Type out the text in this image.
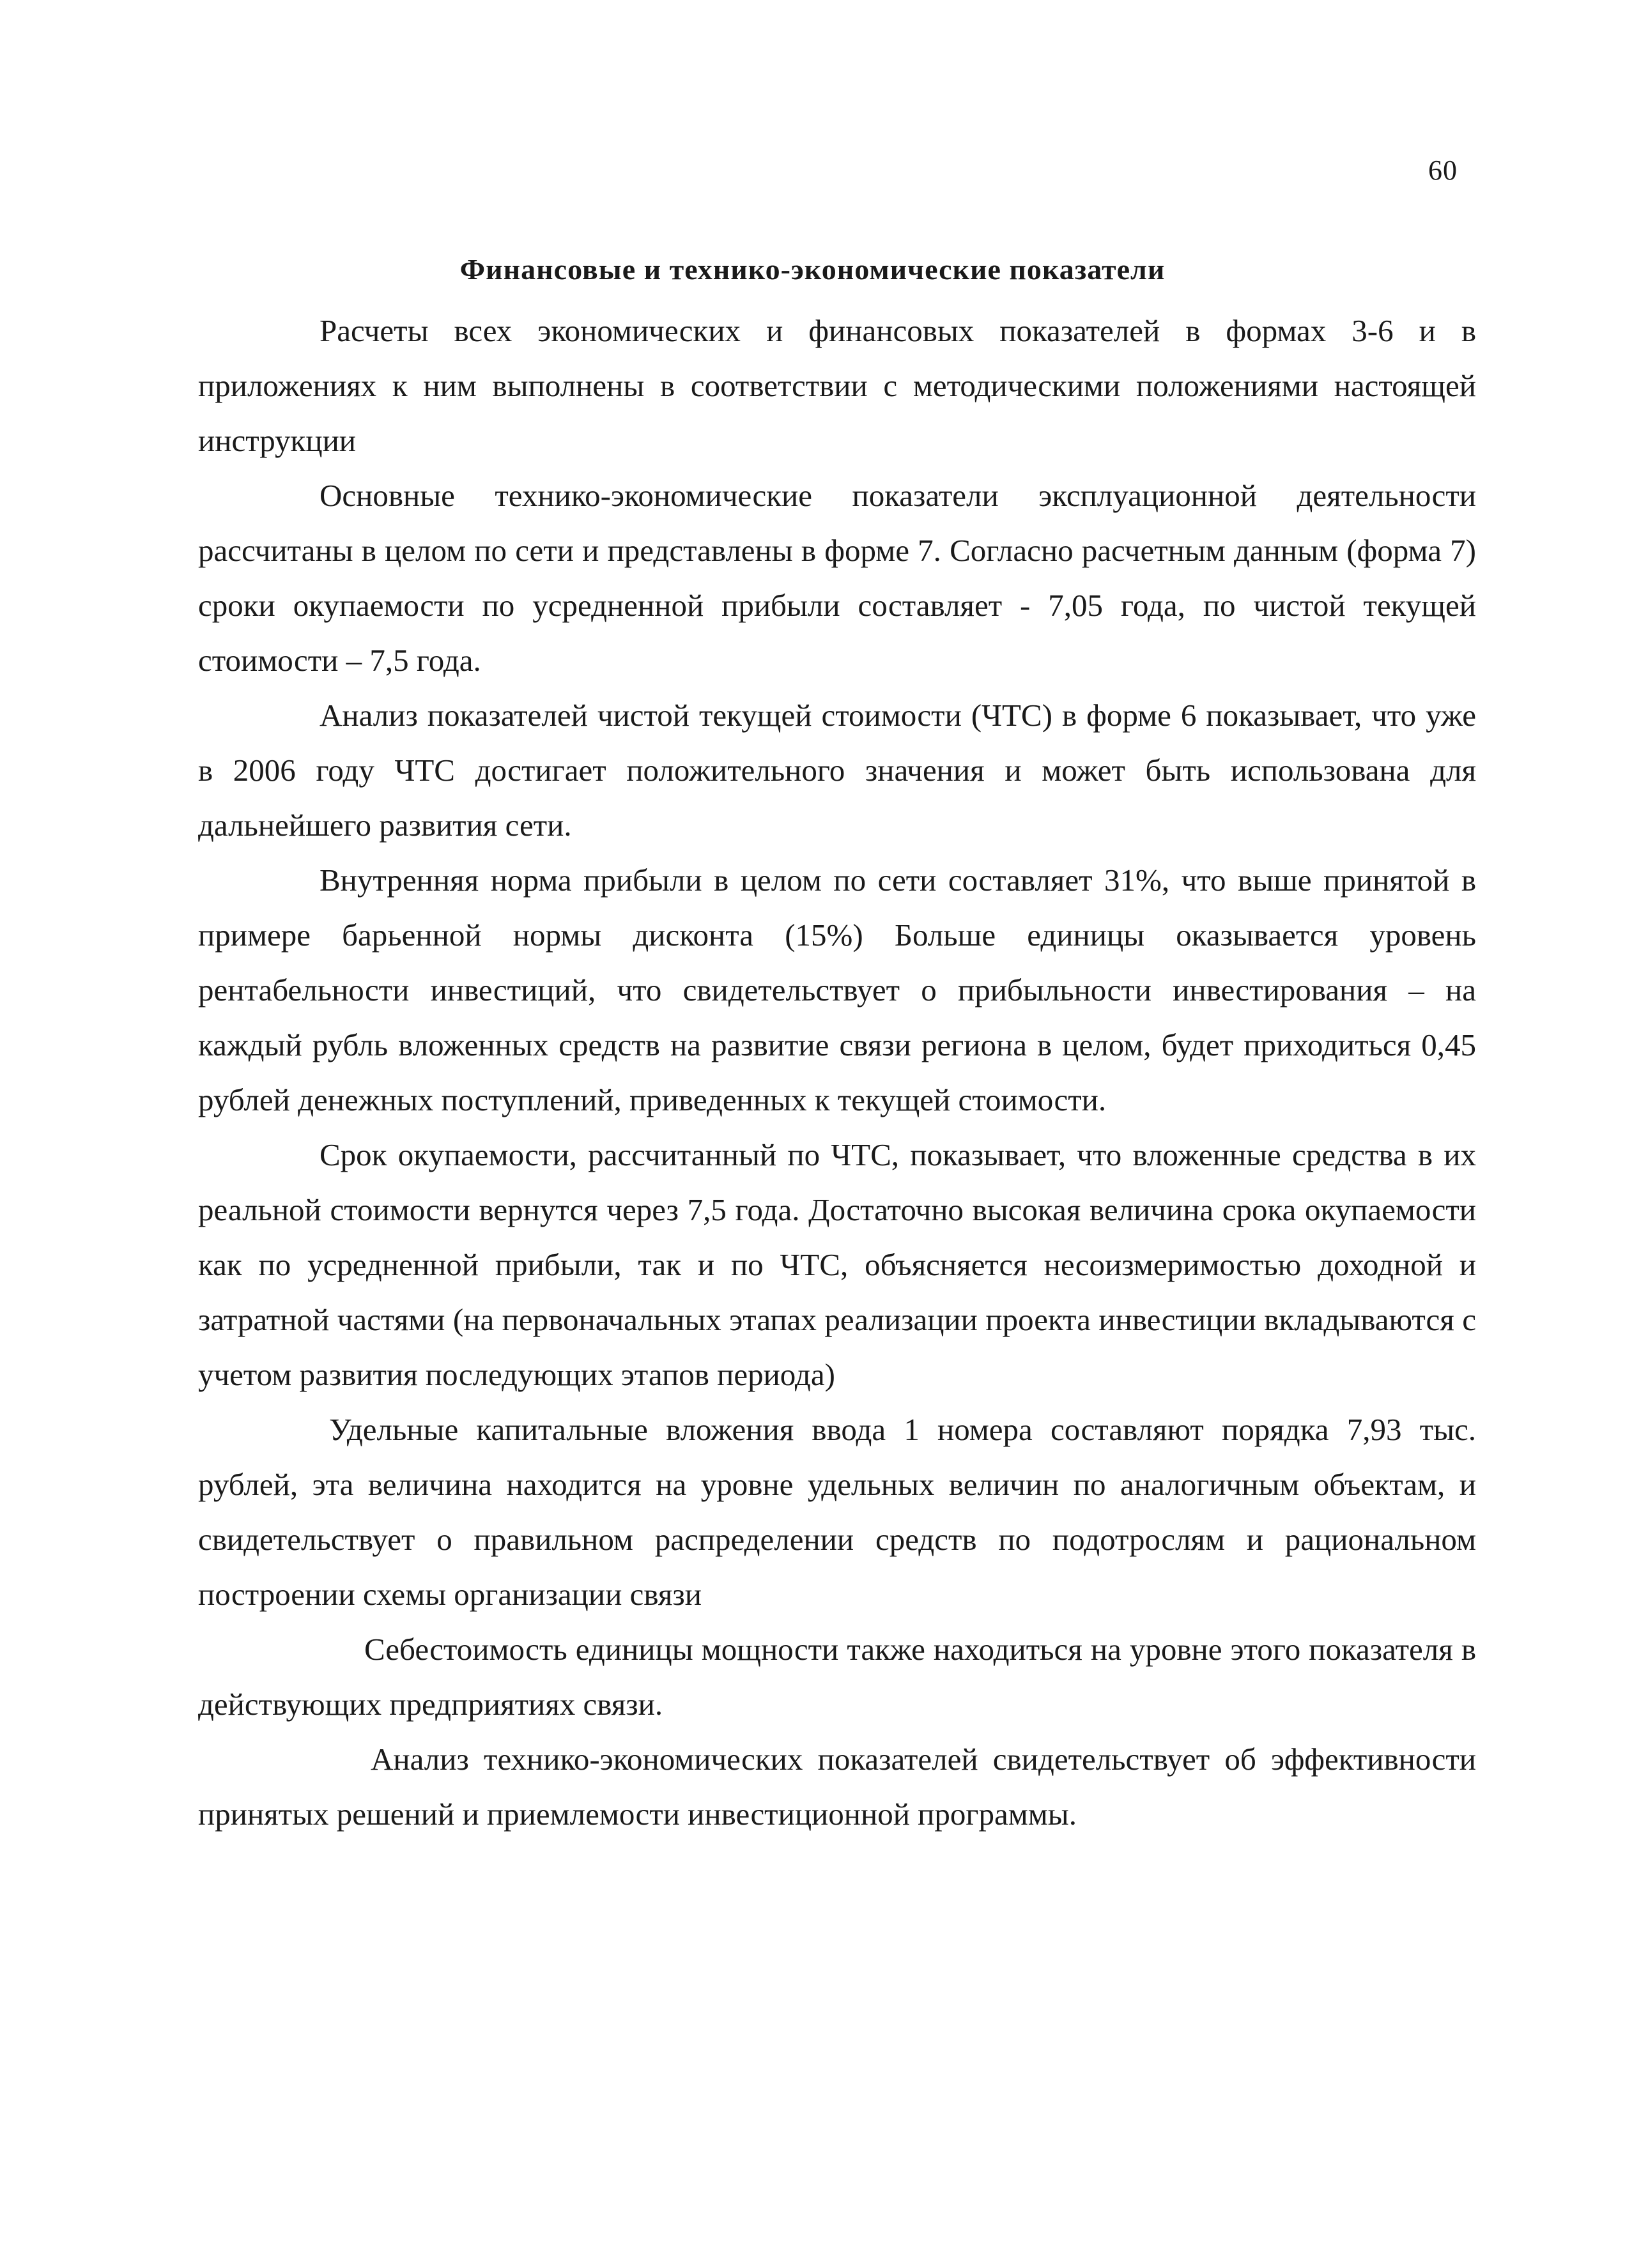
60
Финансовые и технико-экономические показатели

Расчеты всех экономических и финансовых показателей в формах 3-6 и в приложениях к ним выполнены в соответствии с методическими положениями настоящей инструкции

Основные технико-экономические показатели эксплуационной деятельности рассчитаны в целом по сети и представлены в форме 7. Согласно расчетным данным (форма 7) сроки окупаемости по усредненной прибыли составляет - 7,05 года, по чистой текущей стоимости – 7,5 года.

Анализ показателей чистой текущей стоимости (ЧТС) в форме 6 показывает, что уже в 2006 году ЧТС достигает положительного значения и может быть использована для дальнейшего развития сети.

Внутренняя норма прибыли в целом по сети составляет 31%, что выше принятой в примере барьенной нормы дисконта (15%) Больше единицы оказывается уровень рентабельности инвестиций, что свидетельствует о прибыльности инвестирования – на каждый рубль вложенных средств на развитие связи региона в целом, будет приходиться 0,45 рублей денежных поступлений, приведенных к текущей стоимости.

Срок окупаемости, рассчитанный по ЧТС, показывает, что вложенные средства в их реальной стоимости вернутся через 7,5 года. Достаточно высокая величина срока окупаемости как по усредненной прибыли, так и по ЧТС, объясняется несоизмеримостью доходной и затратной частями (на первоначальных этапах реализации проекта инвестиции вкладываются с учетом развития последующих этапов периода)

Удельные капитальные вложения ввода 1 номера составляют порядка 7,93 тыс. рублей, эта величина находится на уровне удельных величин по аналогичным объектам, и свидетельствует о правильном распределении средств по подотрослям и рациональном построении схемы организации связи

Себестоимость единицы мощности также находиться на уровне этого показателя в действующих предприятиях связи.

Анализ технико-экономических показателей свидетельствует об эффективности принятых решений и приемлемости инвестиционной программы.
